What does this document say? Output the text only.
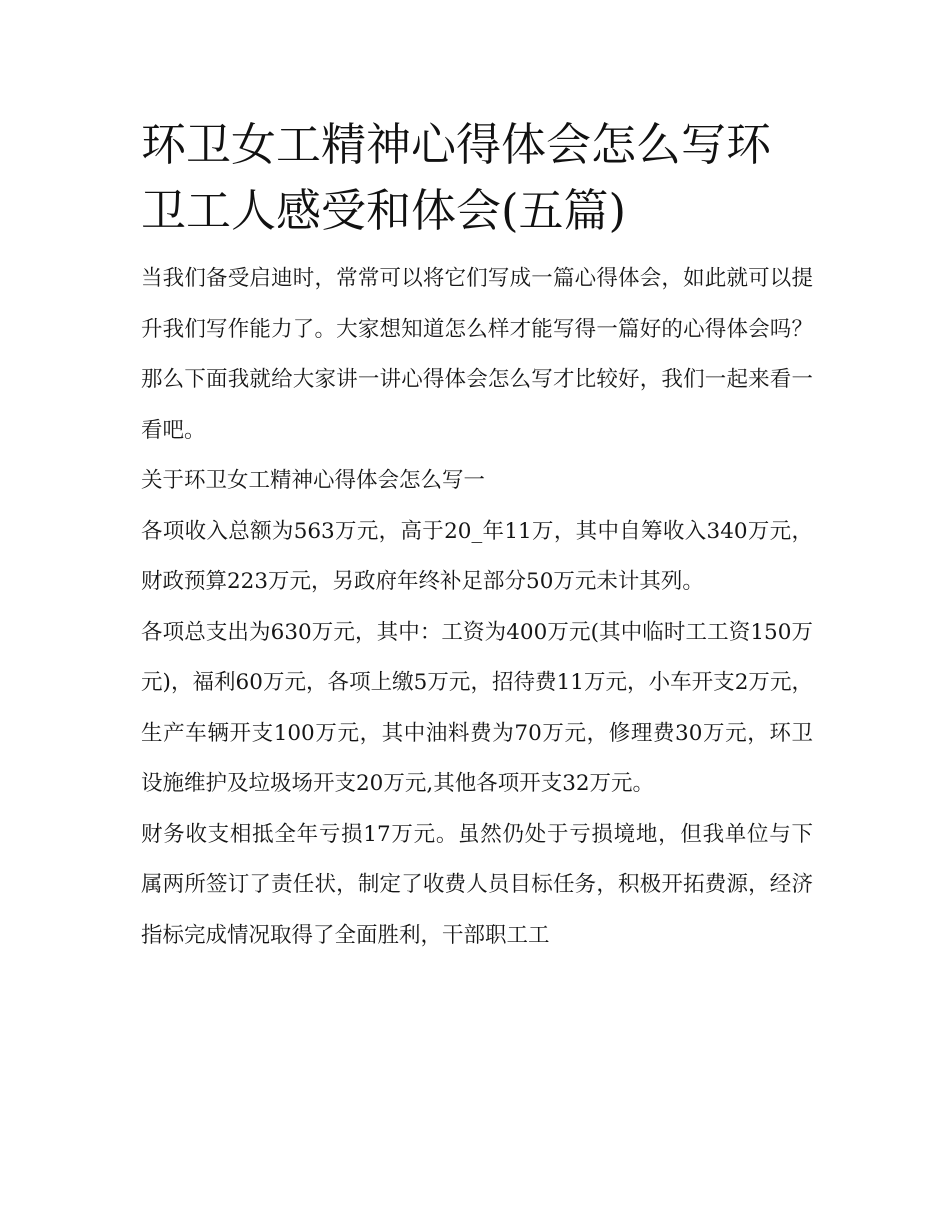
环卫女工精神心得体会怎么写环卫工人感受和体会(五篇)

当我们备受启迪时，常常可以将它们写成一篇心得体会，如此就可以提升我们写作能力了。大家想知道怎么样才能写得一篇好的心得体会吗？那么下面我就给大家讲一讲心得体会怎么写才比较好，我们一起来看一看吧。

关于环卫女工精神心得体会怎么写一

各项收入总额为563万元，高于20_年11万，其中自筹收入340万元，财政预算223万元，另政府年终补足部分50万元未计其列。

各项总支出为630万元，其中：工资为400万元(其中临时工工资150万元)，福利60万元，各项上缴5万元，招待费11万元，小车开支2万元，生产车辆开支100万元，其中油料费为70万元，修理费30万元，环卫设施维护及垃圾场开支20万元,其他各项开支32万元。

财务收支相抵全年亏损17万元。虽然仍处于亏损境地，但我单位与下属两所签订了责任状，制定了收费人员目标任务，积极开拓费源，经济指标完成情况取得了全面胜利，干部职工工
